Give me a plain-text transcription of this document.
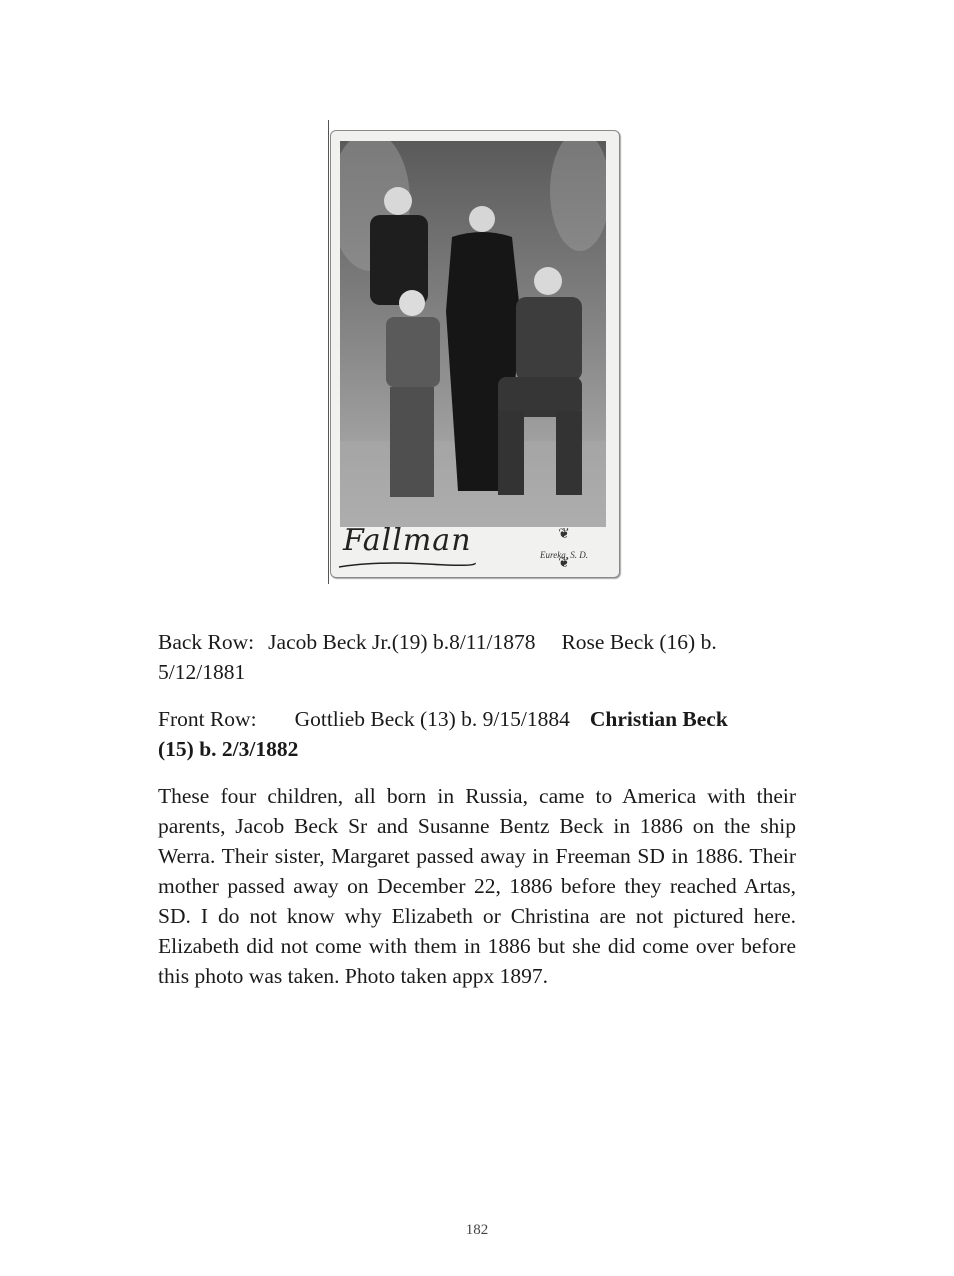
Fallman	❦
Eureka, S. D.
❦
Back Row: Jacob Beck Jr.(19) b.8/11/1878 Rose Beck (16) b.
5/12/1881
Front Row: Gottlieb Beck (13) b. 9/15/1884 Christian Beck
(15) b. 2/3/1882
These four children, all born in Russia, came to America with their parents, Jacob Beck Sr and Susanne Bentz Beck in 1886 on the ship Werra. Their sister, Margaret passed away in Freeman SD in 1886. Their mother passed away on December 22, 1886 before they reached Artas, SD. I do not know why Elizabeth or Christina are not pictured here. Elizabeth did not come with them in 1886 but she did come over before this photo was taken. Photo taken appx 1897.
182
